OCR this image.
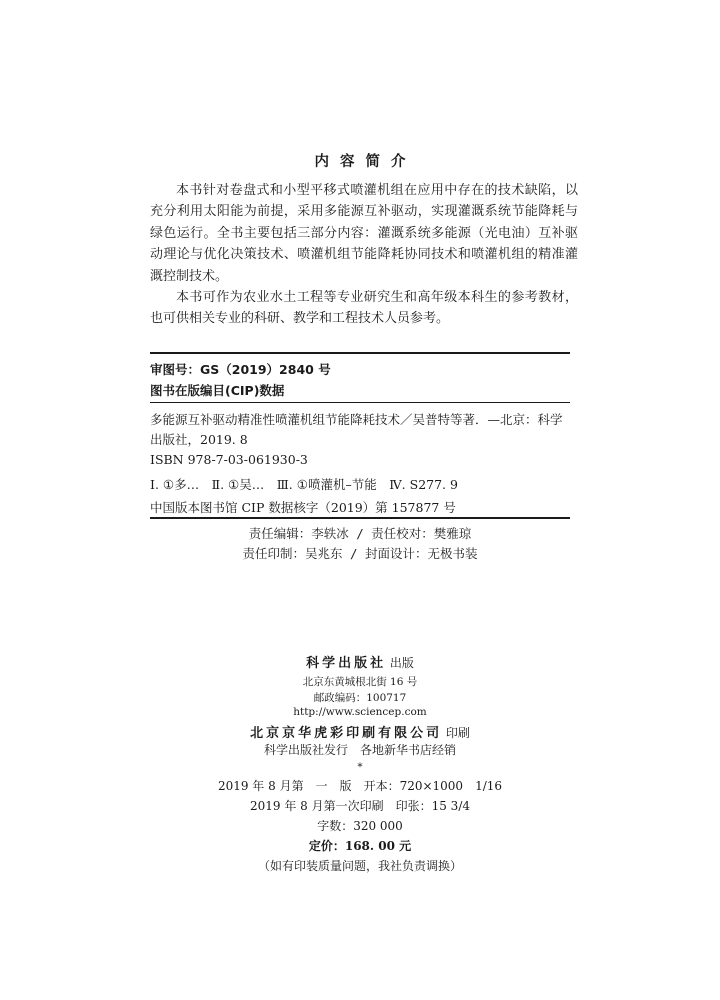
内容简介

本书针对卷盘式和小型平移式喷灌机组在应用中存在的技术缺陷，以充分利用太阳能为前提，采用多能源互补驱动，实现灌溉系统节能降耗与绿色运行。全书主要包括三部分内容：灌溉系统多能源（光电油）互补驱动理论与优化决策技术、喷灌机组节能降耗协同技术和喷灌机组的精准灌溉控制技术。

本书可作为农业水土工程等专业研究生和高年级本科生的参考教材，也可供相关专业的科研、教学和工程技术人员参考。

审图号：GS（2019）2840 号
图书在版编目(CIP)数据
多能源互补驱动精准性喷灌机组节能降耗技术／吴普特等著．—北京：科学出版社，2019. 8
ISBN 978-7-03-061930-3
Ⅰ. ①多…　Ⅱ. ①吴…　Ⅲ. ①喷灌机–节能　Ⅳ. S277. 9
中国版本图书馆 CIP 数据核字（2019）第 157877 号
责任编辑：李轶冰 / 责任校对：樊雅琼
责任印制：吴兆东 / 封面设计：无极书装
科学出版社 出版
北京东黄城根北街 16 号
邮政编码：100717
http://www.sciencep.com
北京京华虎彩印刷有限公司 印刷
科学出版社发行　各地新华书店经销
*
2019 年 8 月第　一　版　开本：720×1000　1/16
2019 年 8 月第一次印刷　印张：15 3/4
字数：320 000
定价：168. 00 元
（如有印装质量问题，我社负责调换）
